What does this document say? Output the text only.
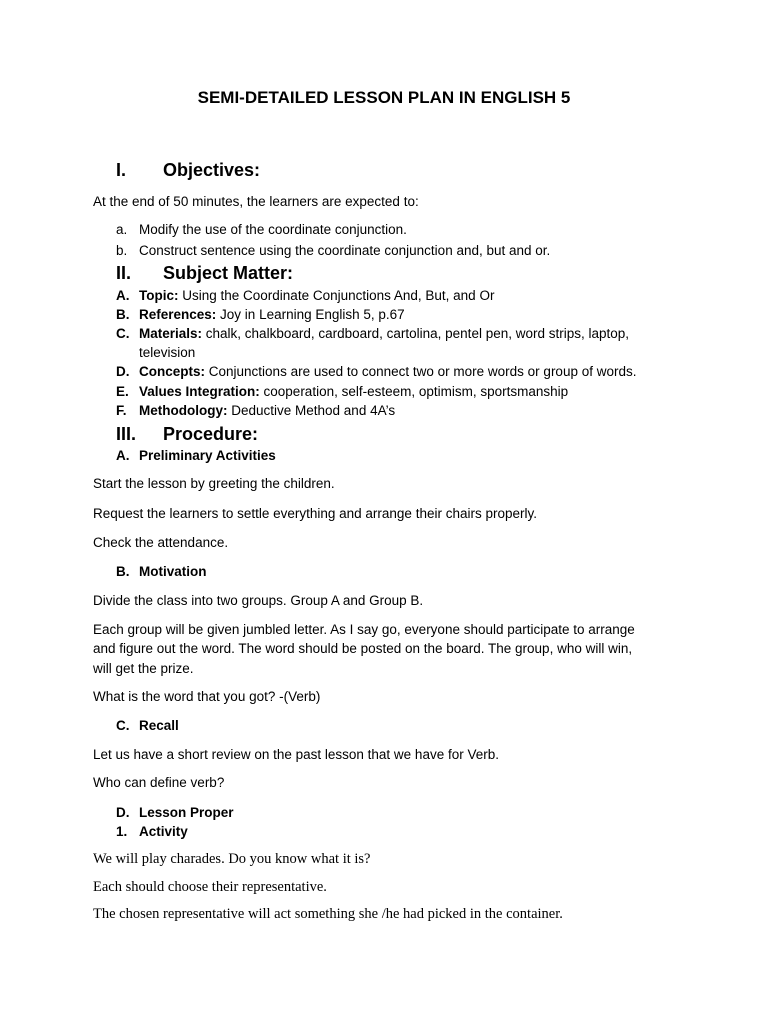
SEMI-DETAILED LESSON PLAN IN ENGLISH 5
I. Objectives:
At the end of 50 minutes, the learners are expected to:
a. Modify the use of the coordinate conjunction.
b. Construct sentence using the coordinate conjunction and, but and or.
II. Subject Matter:
A. Topic: Using the Coordinate Conjunctions And, But, and Or
B. References: Joy in Learning English 5, p.67
C. Materials: chalk, chalkboard, cardboard, cartolina, pentel pen, word strips, laptop,
television
D. Concepts: Conjunctions are used to connect two or more words or group of words.
E. Values Integration: cooperation, self-esteem, optimism, sportsmanship
F. Methodology: Deductive Method and 4A’s
III. Procedure:
A. Preliminary Activities
Start the lesson by greeting the children.
Request the learners to settle everything and arrange their chairs properly.
Check the attendance.
B. Motivation
Divide the class into two groups. Group A and Group B.
Each group will be given jumbled letter. As I say go, everyone should participate to arrange
and figure out the word. The word should be posted on the board. The group, who will win,
will get the prize.
What is the word that you got? -(Verb)
C. Recall
Let us have a short review on the past lesson that we have for Verb.
Who can define verb?
D. Lesson Proper
1. Activity
We will play charades. Do you know what it is?
Each should choose their representative.
The chosen representative will act something she /he had picked in the container.
